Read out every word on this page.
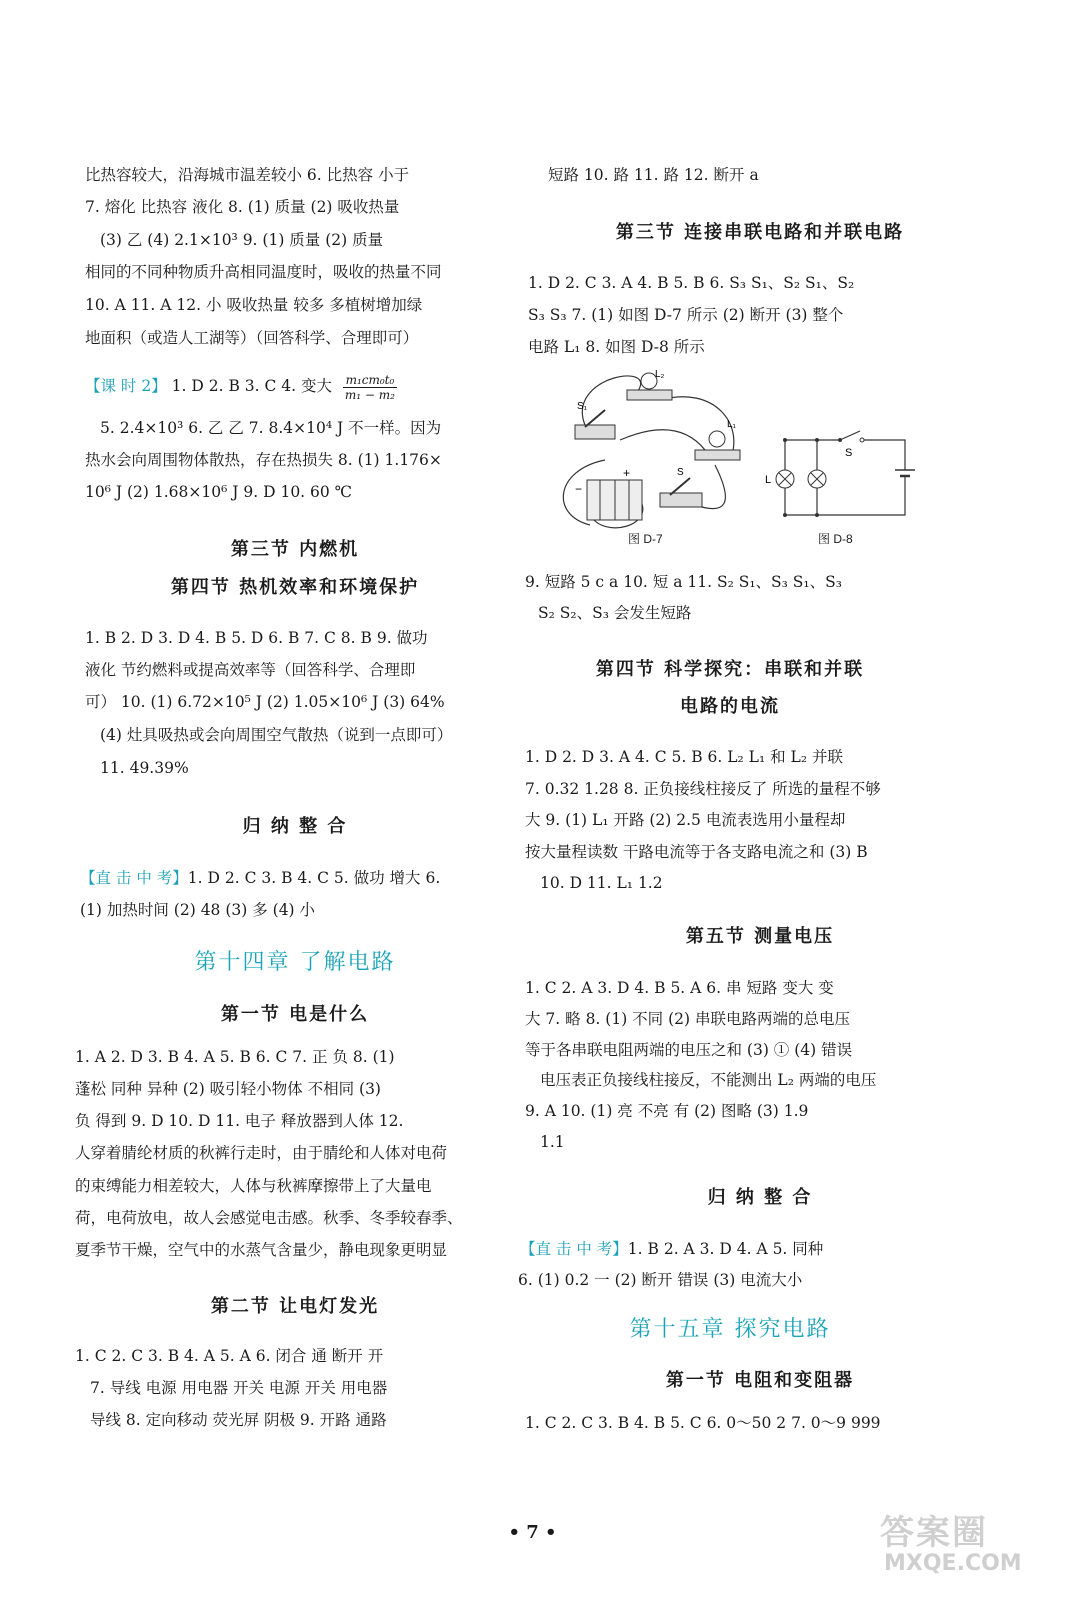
比热容较大，沿海城市温差较小 6. 比热容 小于
7. 熔化 比热容 液化 8. (1) 质量 (2) 吸收热量
(3) 乙 (4) 2.1×10³ 9. (1) 质量 (2) 质量
相同的不同种物质升高相同温度时，吸收的热量不同
10. A 11. A 12. 小 吸收热量 较多 多植树增加绿
地面积（或造人工湖等）（回答科学、合理即可）
【课 时 2】 1. D 2. B 3. C 4. 变大 $\frac{\text{m₁cm₀t₀}}{\text{m₁ − m₂}}$
5. 2.4×10³ 6. 乙 乙 7. 8.4×10⁴ J 不一样。因为
热水会向周围物体散热，存在热损失 8. (1) 1.176×
10⁶ J (2) 1.68×10⁶ J 9. D 10. 60 ℃
第三节 内燃机
第四节 热机效率和环境保护
1. B 2. D 3. D 4. B 5. D 6. B 7. C 8. B 9. 做功
液化 节约燃料或提高效率等（回答科学、合理即
可） 10. (1) 6.72×10⁵ J (2) 1.05×10⁶ J (3) 64%
(4) 灶具吸热或会向周围空气散热（说到一点即可）
11. 49.39%
归 纳 整 合
【直 击 中 考】1. D 2. C 3. B 4. C 5. 做功 增大 6.
(1) 加热时间 (2) 48 (3) 多 (4) 小
第十四章 了解电路
第一节 电是什么
1. A 2. D 3. B 4. A 5. B 6. C 7. 正 负 8. (1)
蓬松 同种 异种 (2) 吸引轻小物体 不相同 (3)
负 得到 9. D 10. D 11. 电子 释放器到人体 12.
人穿着腈纶材质的秋裤行走时，由于腈纶和人体对电荷
的束缚能力相差较大，人体与秋裤摩擦带上了大量电
荷，电荷放电，故人会感觉电击感。秋季、冬季较春季、
夏季节干燥，空气中的水蒸气含量少，静电现象更明显
第二节 让电灯发光
1. C 2. C 3. B 4. A 5. A 6. 闭合 通 断开 开
7. 导线 电源 用电器 开关 电源 开关 用电器
导线 8. 定向移动 荧光屏 阴极 9. 开路 通路
短路 10. 路 11. 路 12. 断开 a
第三节 连接串联电路和并联电路
1. D 2. C 3. A 4. B 5. B 6. S₃ S₁、S₂ S₁、S₂
S₃ S₃ 7. (1) 如图 D-7 所示 (2) 断开 (3) 整个
电路 L₁ 8. 如图 D-8 所示
L₂
S₁
L₁
S
−
+
图 D-7
L
S
图 D-8
9. 短路 5 c a 10. 短 a 11. S₂ S₁、S₃ S₁、S₃
S₂ S₂、S₃ 会发生短路
第四节 科学探究：串联和并联
电路的电流
1. D 2. D 3. A 4. C 5. B 6. L₂ L₁ 和 L₂ 并联
7. 0.32 1.28 8. 正负接线柱接反了 所选的量程不够
大 9. (1) L₁ 开路 (2) 2.5 电流表选用小量程却
按大量程读数 干路电流等于各支路电流之和 (3) B
10. D 11. L₁ 1.2
第五节 测量电压
1. C 2. A 3. D 4. B 5. A 6. 串 短路 变大 变
大 7. 略 8. (1) 不同 (2) 串联电路两端的总电压
等于各串联电阻两端的电压之和 (3) ① (4) 错误
电压表正负接线柱接反，不能测出 L₂ 两端的电压
9. A 10. (1) 亮 不亮 有 (2) 图略 (3) 1.9
1.1
归 纳 整 合
【直 击 中 考】1. B 2. A 3. D 4. A 5. 同种
6. (1) 0.2 一 (2) 断开 错误 (3) 电流大小
第十五章 探究电路
第一节 电阻和变阻器
1. C 2. C 3. B 4. B 5. C 6. 0～50 2 7. 0～9 999
• 7 •	答案圈
MXQE.COM
